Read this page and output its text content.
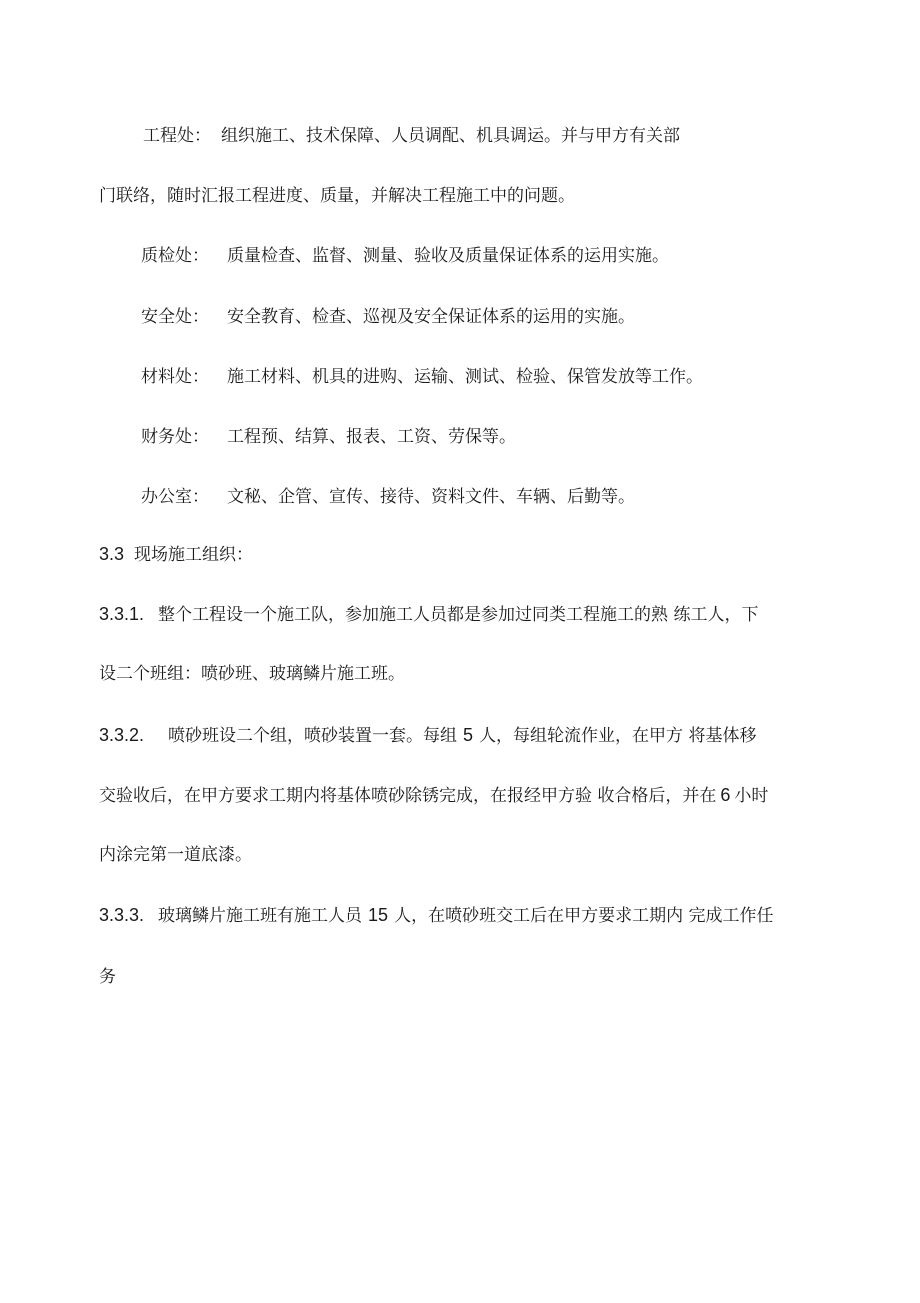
工程处： 组织施工、技术保障、人员调配、机具调运。并与甲方有关部
门联络，随时汇报工程进度、质量，并解决工程施工中的问题。
质检处： 质量检查、监督、测量、验收及质量保证体系的运用实施。
安全处： 安全教育、检查、巡视及安全保证体系的运用的实施。
材料处： 施工材料、机具的进购、运输、测试、检验、保管发放等工作。
财务处： 工程预、结算、报表、工资、劳保等。
办公室： 文秘、企管、宣传、接待、资料文件、车辆、后勤等。
3.3 现场施工组织：
3.3.1. 整个工程设一个施工队，参加施工人员都是参加过同类工程施工的熟 练工人，下
设二个班组：喷砂班、玻璃鳞片施工班。
3.3.2. 喷砂班设二个组，喷砂装置一套。每组 5 人，每组轮流作业，在甲方 将基体移
交验收后，在甲方要求工期内将基体喷砂除锈完成，在报经甲方验 收合格后，并在 6 小时
内涂完第一道底漆。
3.3.3. 玻璃鳞片施工班有施工人员 15 人，在喷砂班交工后在甲方要求工期内 完成工作任
务
